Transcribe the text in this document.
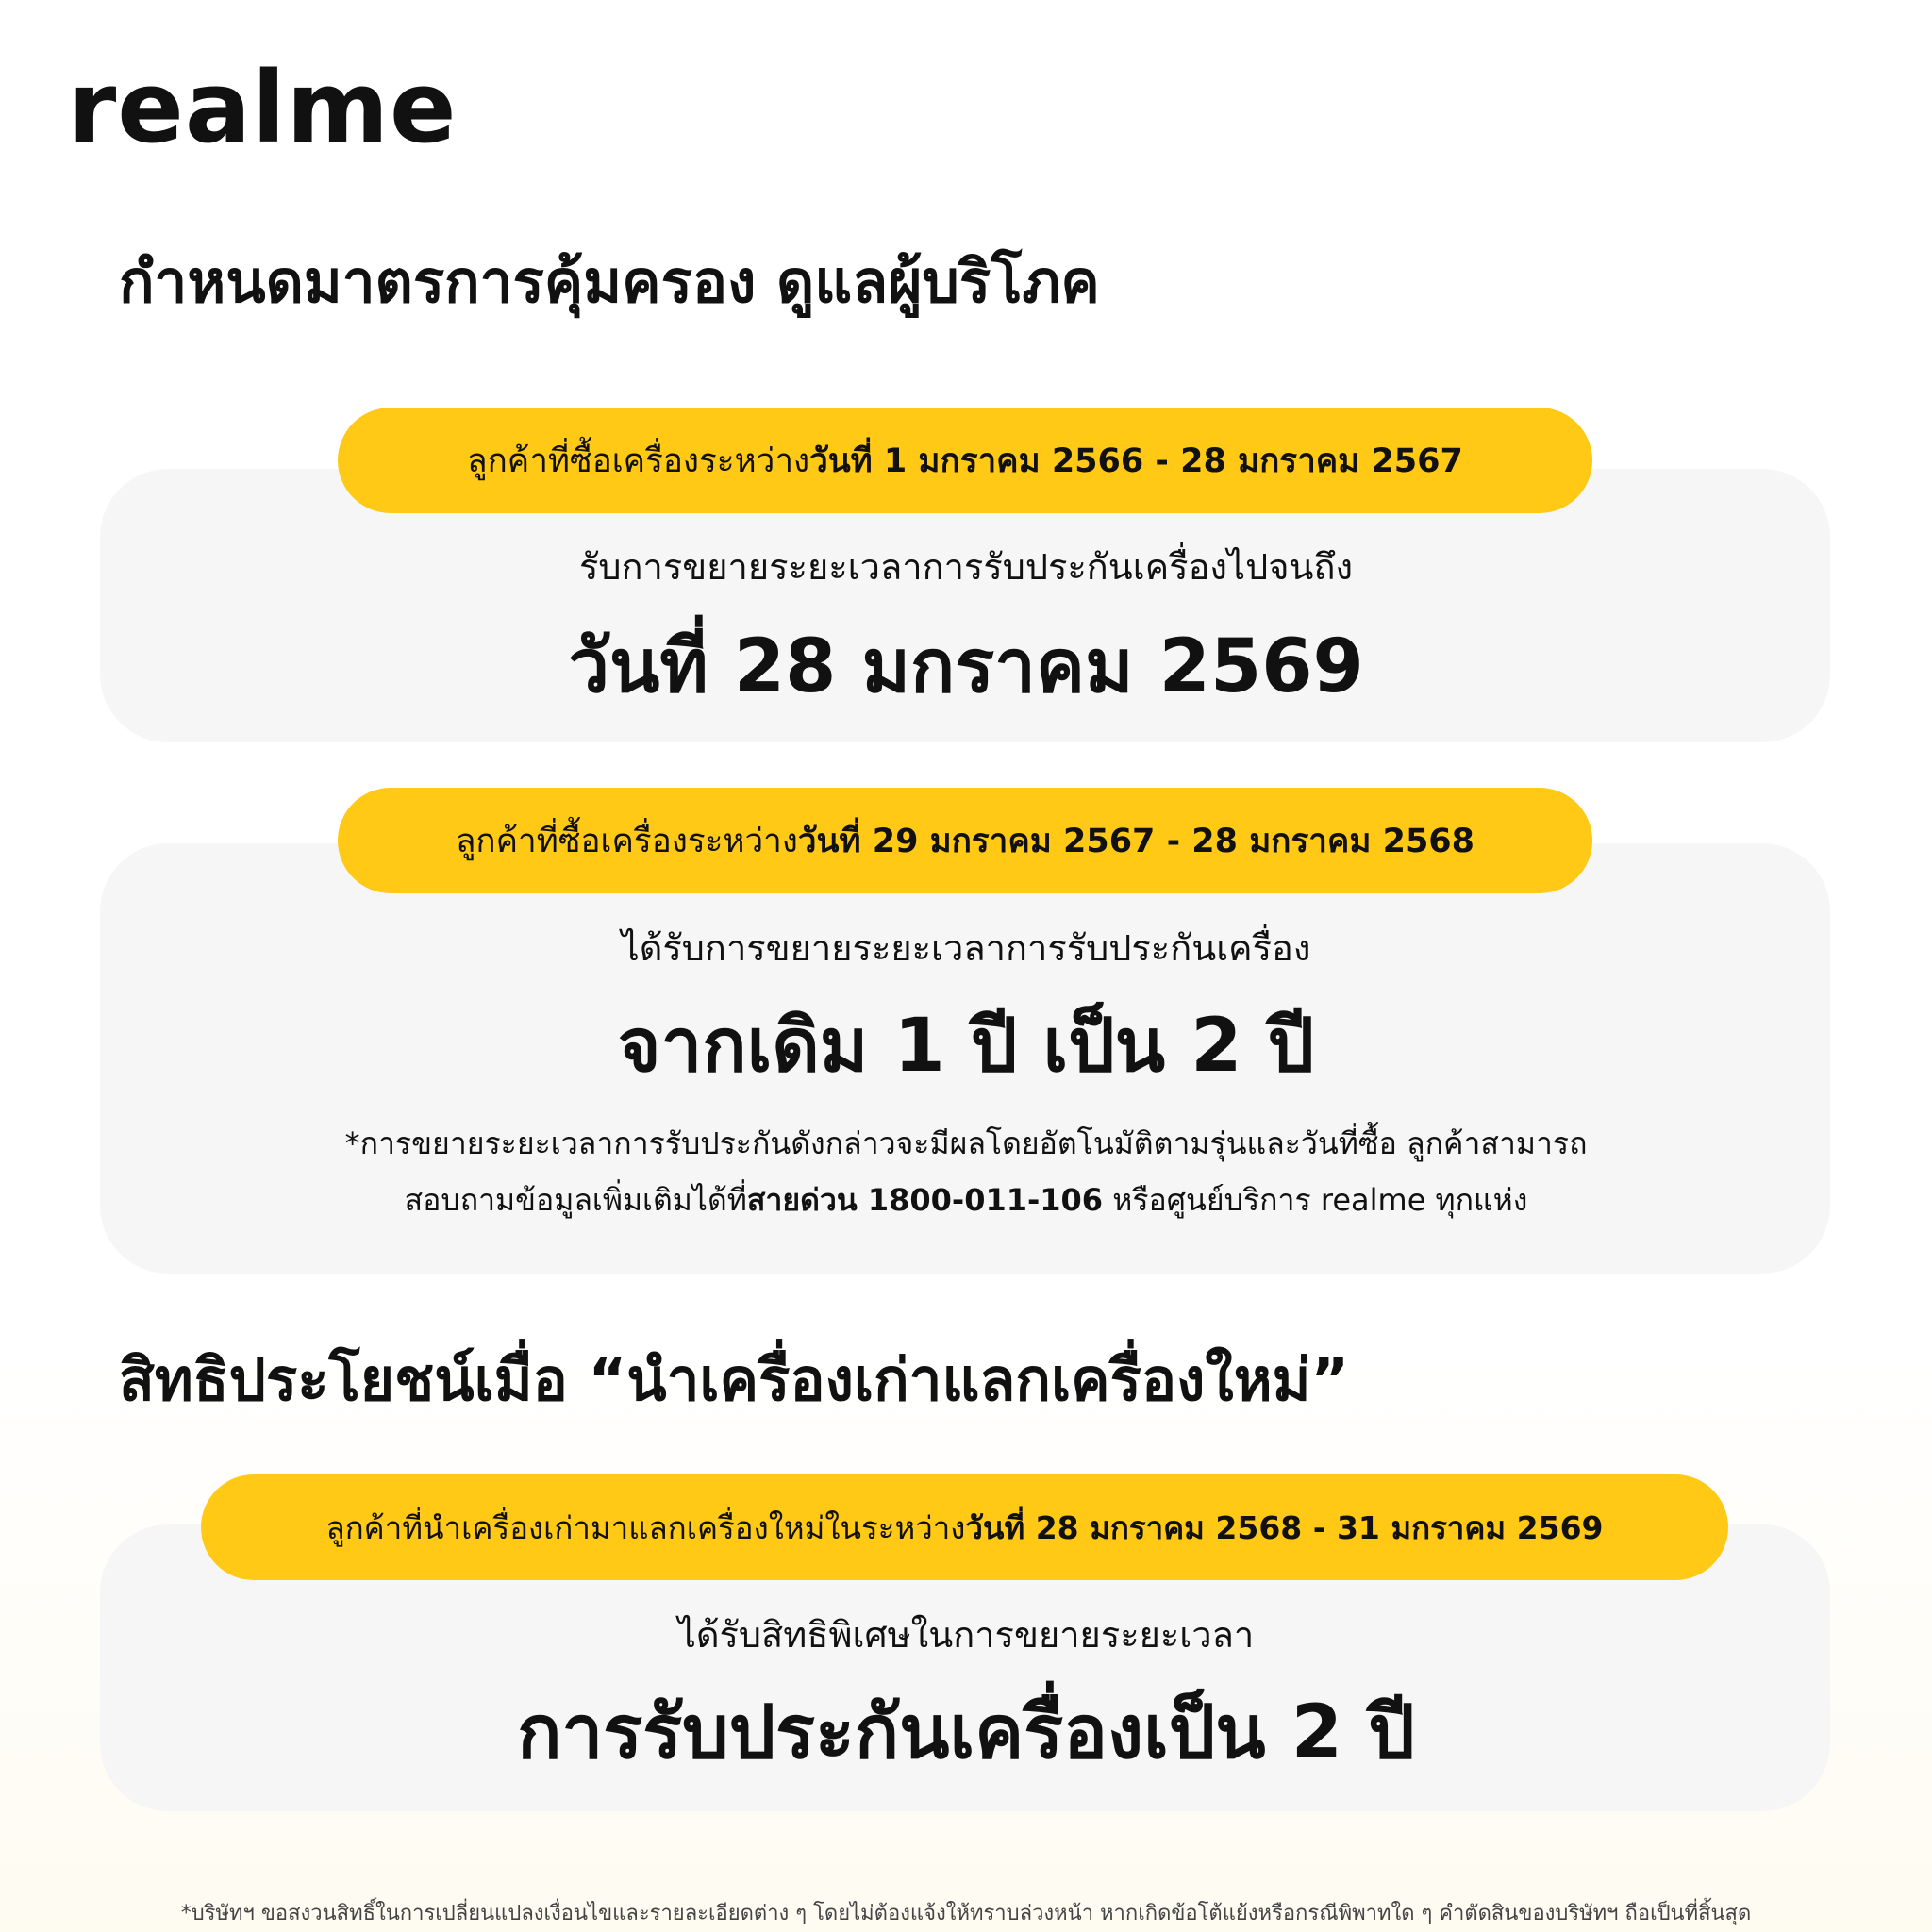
realme
กำหนดมาตรการคุ้มครอง ดูแลผู้บริโภค
ลูกค้าที่ซื้อเครื่องระหว่าง วันที่ 1 มกราคม 2566 - 28 มกราคม 2567
รับการขยายระยะเวลาการรับประกันเครื่องไปจนถึง
วันที่ 28 มกราคม 2569
ลูกค้าที่ซื้อเครื่องระหว่าง วันที่ 29 มกราคม 2567 - 28 มกราคม 2568
ได้รับการขยายระยะเวลาการรับประกันเครื่อง
จากเดิม 1 ปี เป็น 2 ปี
*การขยายระยะเวลาการรับประกันดังกล่าวจะมีผลโดยอัตโนมัติตามรุ่นและวันที่ซื้อ ลูกค้าสามารถ
สอบถามข้อมูลเพิ่มเติมได้ที่สายด่วน 1800-011-106 หรือศูนย์บริการ realme ทุกแห่ง
สิทธิประโยชน์เมื่อ “นำเครื่องเก่าแลกเครื่องใหม่”
ลูกค้าที่นำเครื่องเก่ามาแลกเครื่องใหม่ในระหว่าง วันที่ 28 มกราคม 2568 - 31 มกราคม 2569
ได้รับสิทธิพิเศษในการขยายระยะเวลา
การรับประกันเครื่องเป็น 2 ปี
*บริษัทฯ ขอสงวนสิทธิ์ในการเปลี่ยนแปลงเงื่อนไขและรายละเอียดต่าง ๆ โดยไม่ต้องแจ้งให้ทราบล่วงหน้า หากเกิดข้อโต้แย้งหรือกรณีพิพาทใด ๆ คำตัดสินของบริษัทฯ ถือเป็นที่สิ้นสุด
